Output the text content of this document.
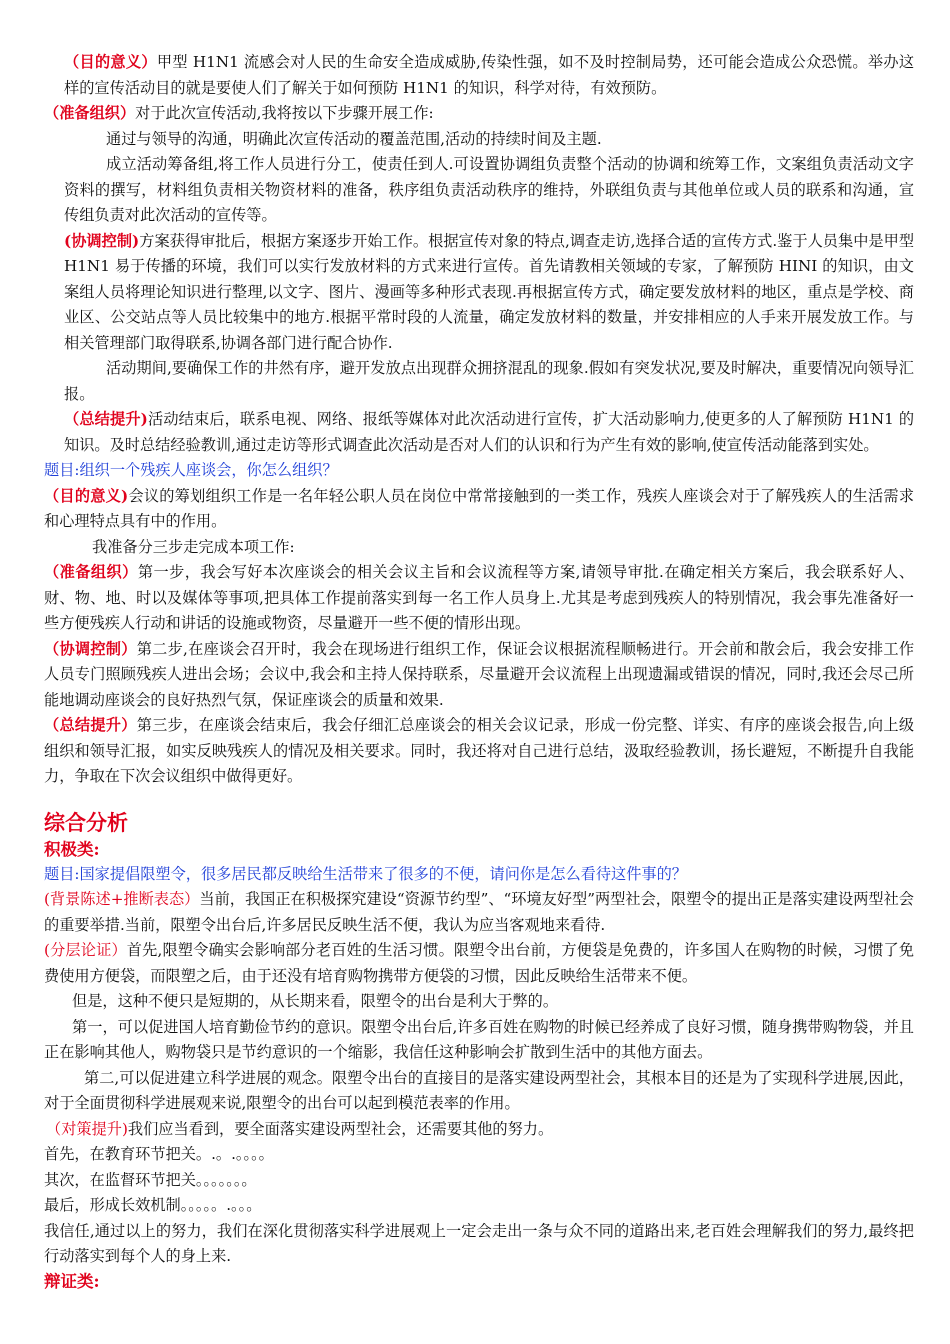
（目的意义）甲型 H1N1 流感会对人民的生命安全造成威胁,传染性强，如不及时控制局势，还可能会造成公众恐慌。举办这样的宣传活动目的就是要使人们了解关于如何预防 H1N1 的知识，科学对待，有效预防。

（准备组织）对于此次宣传活动,我将按以下步骤开展工作:

通过与领导的沟通，明确此次宣传活动的覆盖范围,活动的持续时间及主题.

成立活动筹备组,将工作人员进行分工，使责任到人.可设置协调组负责整个活动的协调和统筹工作，文案组负责活动文字资料的撰写，材料组负责相关物资材料的准备，秩序组负责活动秩序的维持，外联组负责与其他单位或人员的联系和沟通，宣传组负责对此次活动的宣传等。

(协调控制)方案获得审批后，根据方案逐步开始工作。根据宣传对象的特点,调查走访,选择合适的宣传方式.鉴于人员集中是甲型 H1N1 易于传播的环境，我们可以实行发放材料的方式来进行宣传。首先请教相关领域的专家，了解预防 HINI 的知识，由文案组人员将理论知识进行整理,以文字、图片、漫画等多种形式表现.再根据宣传方式，确定要发放材料的地区，重点是学校、商业区、公交站点等人员比较集中的地方.根据平常时段的人流量，确定发放材料的数量，并安排相应的人手来开展发放工作。与相关管理部门取得联系,协调各部门进行配合协作.

活动期间,要确保工作的井然有序，避开发放点出现群众拥挤混乱的现象.假如有突发状况,要及时解决，重要情况向领导汇报。

（总结提升)活动结束后，联系电视、网络、报纸等媒体对此次活动进行宣传，扩大活动影响力,使更多的人了解预防 H1N1 的知识。及时总结经验教训,通过走访等形式调查此次活动是否对人们的认识和行为产生有效的影响,使宣传活动能落到实处。

题目:组织一个残疾人座谈会，你怎么组织？

（目的意义)会议的筹划组织工作是一名年轻公职人员在岗位中常常接触到的一类工作，残疾人座谈会对于了解残疾人的生活需求和心理特点具有中的作用。

我准备分三步走完成本项工作:

（准备组织）第一步，我会写好本次座谈会的相关会议主旨和会议流程等方案,请领导审批.在确定相关方案后，我会联系好人、财、物、地、时以及媒体等事项,把具体工作提前落实到每一名工作人员身上.尤其是考虑到残疾人的特别情况，我会事先准备好一些方便残疾人行动和讲话的设施或物资，尽量避开一些不便的情形出现。

（协调控制）第二步,在座谈会召开时，我会在现场进行组织工作，保证会议根据流程顺畅进行。开会前和散会后，我会安排工作人员专门照顾残疾人进出会场；会议中,我会和主持人保持联系，尽量避开会议流程上出现遗漏或错误的情况，同时,我还会尽己所能地调动座谈会的良好热烈气氛，保证座谈会的质量和效果.

（总结提升）第三步，在座谈会结束后，我会仔细汇总座谈会的相关会议记录，形成一份完整、详实、有序的座谈会报告,向上级组织和领导汇报，如实反映残疾人的情况及相关要求。同时，我还将对自己进行总结，汲取经验教训，扬长避短，不断提升自我能力，争取在下次会议组织中做得更好。

综合分析

积极类:

题目:国家提倡限塑令，很多居民都反映给生活带来了很多的不便，请问你是怎么看待这件事的？

(背景陈述+推断表态）当前，我国正在积极探究建设“资源节约型”、“环境友好型”两型社会，限塑令的提出正是落实建设两型社会的重要举措.当前，限塑令出台后,许多居民反映生活不便，我认为应当客观地来看待.

(分层论证）首先,限塑令确实会影响部分老百姓的生活习惯。限塑令出台前，方便袋是免费的，许多国人在购物的时候，习惯了免费使用方便袋，而限塑之后，由于还没有培育购物携带方便袋的习惯，因此反映给生活带来不便。

但是，这种不便只是短期的，从长期来看，限塑令的出台是利大于弊的。

第一，可以促进国人培育勤俭节约的意识。限塑令出台后,许多百姓在购物的时候已经养成了良好习惯，随身携带购物袋，并且正在影响其他人，购物袋只是节约意识的一个缩影，我信任这种影响会扩散到生活中的其他方面去。

第二,可以促进建立科学进展的观念。限塑令出台的直接目的是落实建设两型社会，其根本目的还是为了实现科学进展,因此，对于全面贯彻科学进展观来说,限塑令的出台可以起到模范表率的作用。

（对策提升)我们应当看到，要全面落实建设两型社会，还需要其他的努力。

首先，在教育环节把关。.。.。。。。

其次，在监督环节把关。。。。。。。

最后，形成长效机制。。。。。.。。。

我信任,通过以上的努力，我们在深化贯彻落实科学进展观上一定会走出一条与众不同的道路出来,老百姓会理解我们的努力,最终把行动落实到每个人的身上来.

辩证类:
